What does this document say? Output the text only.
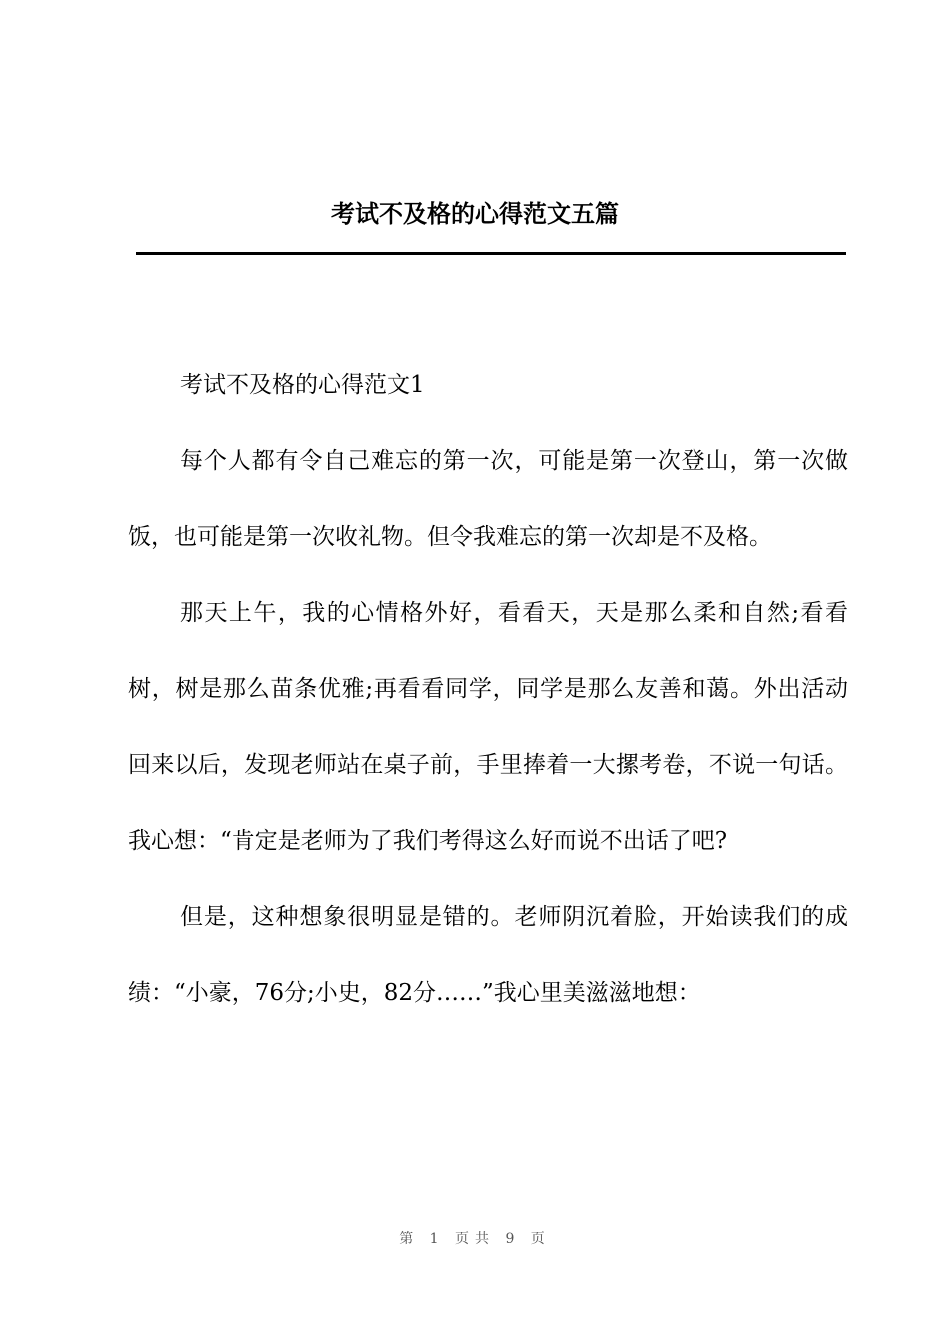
考试不及格的心得范文五篇

考试不及格的心得范文1

每个人都有令自己难忘的第一次，可能是第一次登山，第一次做饭，也可能是第一次收礼物。但令我难忘的第一次却是不及格。

那天上午，我的心情格外好，看看天，天是那么柔和自然;看看树，树是那么苗条优雅;再看看同学，同学是那么友善和蔼。外出活动回来以后，发现老师站在桌子前，手里捧着一大摞考卷，不说一句话。我心想：“肯定是老师为了我们考得这么好而说不出话了吧?

但是，这种想象很明显是错的。老师阴沉着脸，开始读我们的成绩：“小豪，76分;小史，82分……”我心里美滋滋地想：

第 1 页共 9 页
